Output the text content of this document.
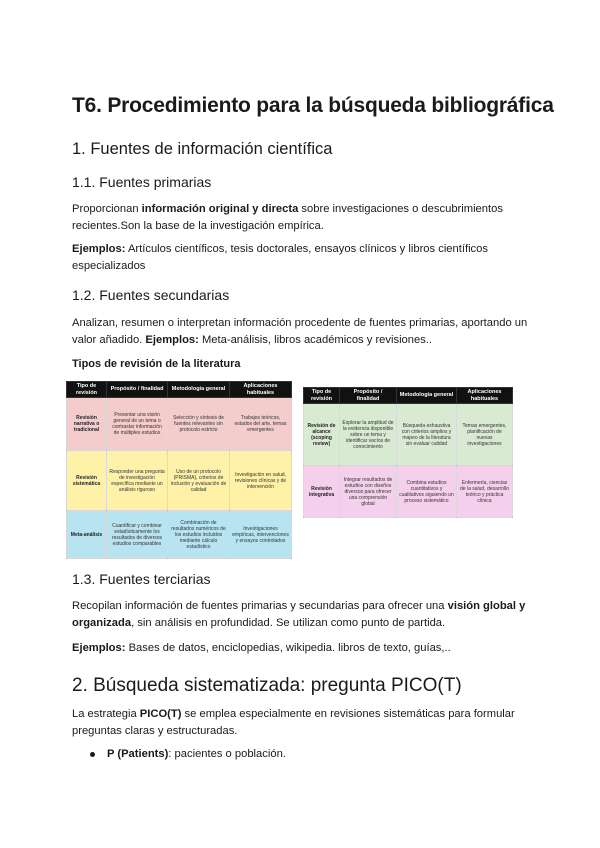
T6. Procedimiento para la búsqueda bibliográfica
1. Fuentes de información científica
1.1. Fuentes primarias

Proporcionan información original y directa sobre investigaciones o descubrimientos recientes.Son la base de la investigación empírica.

Ejemplos: Artículos científicos, tesis doctorales, ensayos clínicos y libros científicos especializados

1.2. Fuentes secundarias

Analizan, resumen o interpretan información procedente de fuentes primarias, aportando un valor añadido. Ejemplos: Meta-análisis, libros académicos y revisiones..

Tipos de revisión de la literatura

Tipo de revisión	Propósito / finalidad	Metodología general	Aplicaciones habituales
Revisión narrativa o tradicional	Presentar una visión general de un tema o contrastar información de múltiples estudios	Selección y síntesis de fuentes relevantes sin protocolo estricto	Trabajos teóricos, estados del arte, temas emergentes
Revisión sistemática	Responder una pregunta de investigación específica mediante un análisis riguroso	Uso de un protocolo (PRISMA), criterios de inclusión y evaluación de calidad	Investigación en salud, revisiones clínicas y de intervención
Meta-análisis	Cuantificar y combinar estadísticamente los resultados de diversos estudios comparables	Combinación de resultados numéricos de los estudios incluidos mediante cálculo estadístico	Investigaciones empíricas, intervenciones y ensayos controlados
Tipo de revisión	Propósito / finalidad	Metodología general	Aplicaciones habituales
Revisión de alcance (scoping review)	Explorar la amplitud de la evidencia disponible sobre un tema y identificar vacíos de conocimiento	Búsqueda exhaustiva con criterios amplios y mapeo de la literatura sin evaluar calidad	Temas emergentes, planificación de nuevas investigaciones
Revisión integrativa	Integrar resultados de estudios con diseños diversos para ofrecer una comprensión global	Combina estudios cuantitativos y cualitativos siguiendo un proceso sistemático	Enfermería, ciencias de la salud, desarrollo teórico y práctica clínica
1.3. Fuentes terciarias

Recopilan información de fuentes primarias y secundarias para ofrecer una visión global y organizada, sin análisis en profundidad. Se utilizan como punto de partida.

Ejemplos: Bases de datos, enciclopedias, wikipedia. libros de texto, guías,..

2. Búsqueda sistematizada: pregunta PICO(T)

La estrategia PICO(T) se emplea especialmente en revisiones sistemáticas para formular preguntas claras y estructuradas.

P (Patients): pacientes o población.
